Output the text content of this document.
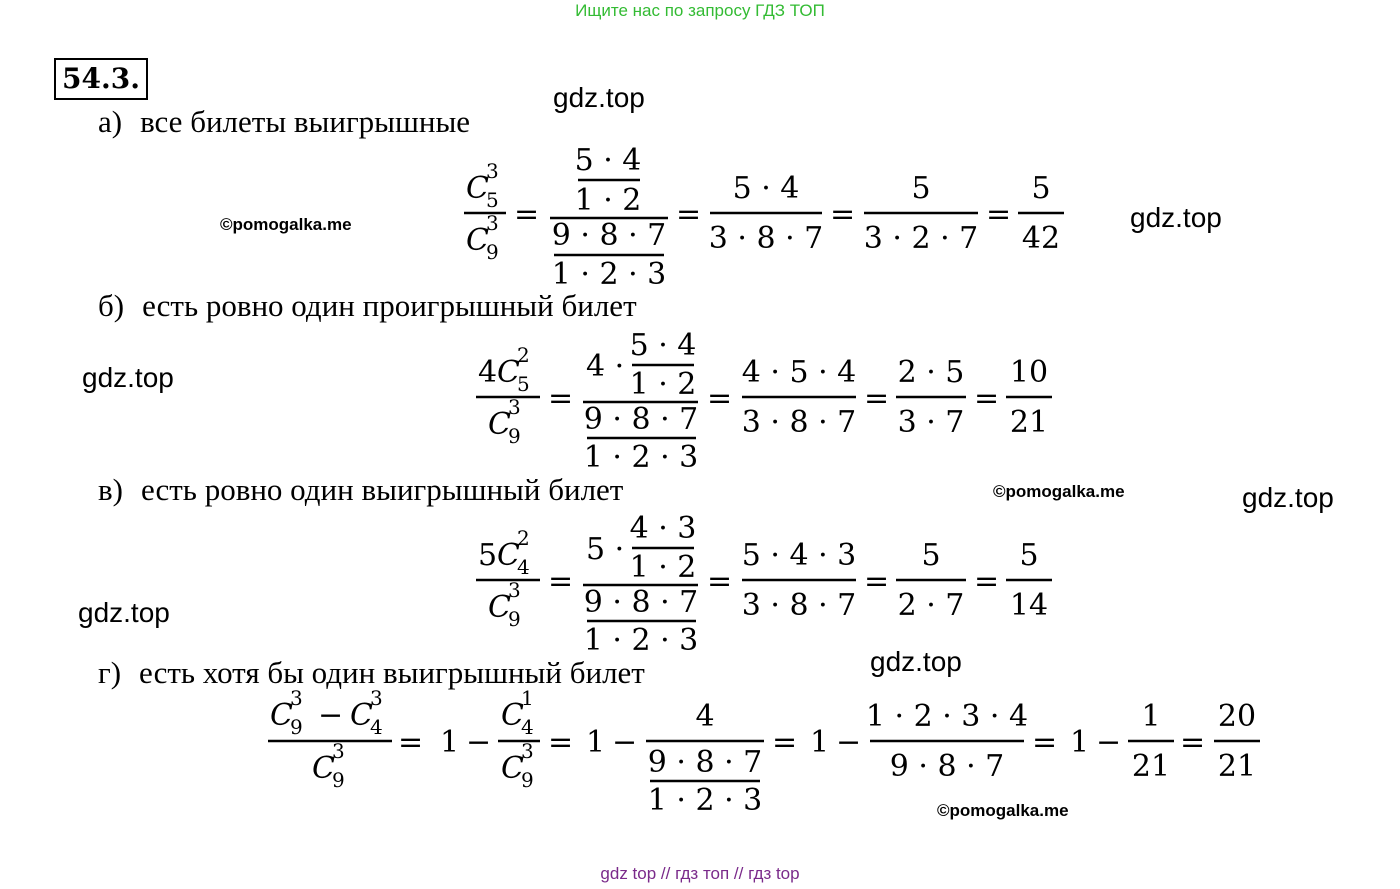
Ищите нас по запросу ГДЗ ТОП
54.3.
а) все билеты выигрышные
б) есть ровно один проигрышный билет
в) есть ровно один выигрышный билет
г) есть хотя бы один выигрышный билет
gdz.top
gdz.top
gdz.top
gdz.top
gdz.top
gdz.top
©pomogalka.me
©pomogalka.me
©pomogalka.me
C
3
5
C
3
9
=
5 · 4
1 · 2
9 · 8 · 7
1 · 2 · 3
=
5 · 4
3 · 8 · 7
=
5
3 · 2 · 7
=
5
42
4 C
2
5
C
3
9
=
4 ·
5 · 4
1 · 2
9 · 8 · 7
1 · 2 · 3
=
4 · 5 · 4
3 · 8 · 7
=
2 · 5
3 · 7
=
10
21
5 C
2
4
C
3
9
=
5 ·
4 · 3
1 · 2
9 · 8 · 7
1 · 2 · 3
=
5 · 4 · 3
3 · 8 · 7
=
5
2 · 7
=
5
14
C
3
9 − C
3
4
C
3
9
= 1 −
C
1
4
C
3
9
= 1 −
4
9 · 8 · 7
1 · 2 · 3
= 1 −
1 · 2 · 3 · 4
9 · 8 · 7
= 1 −
1
21
=
20
21
gdz top // гдз топ // гдз top
